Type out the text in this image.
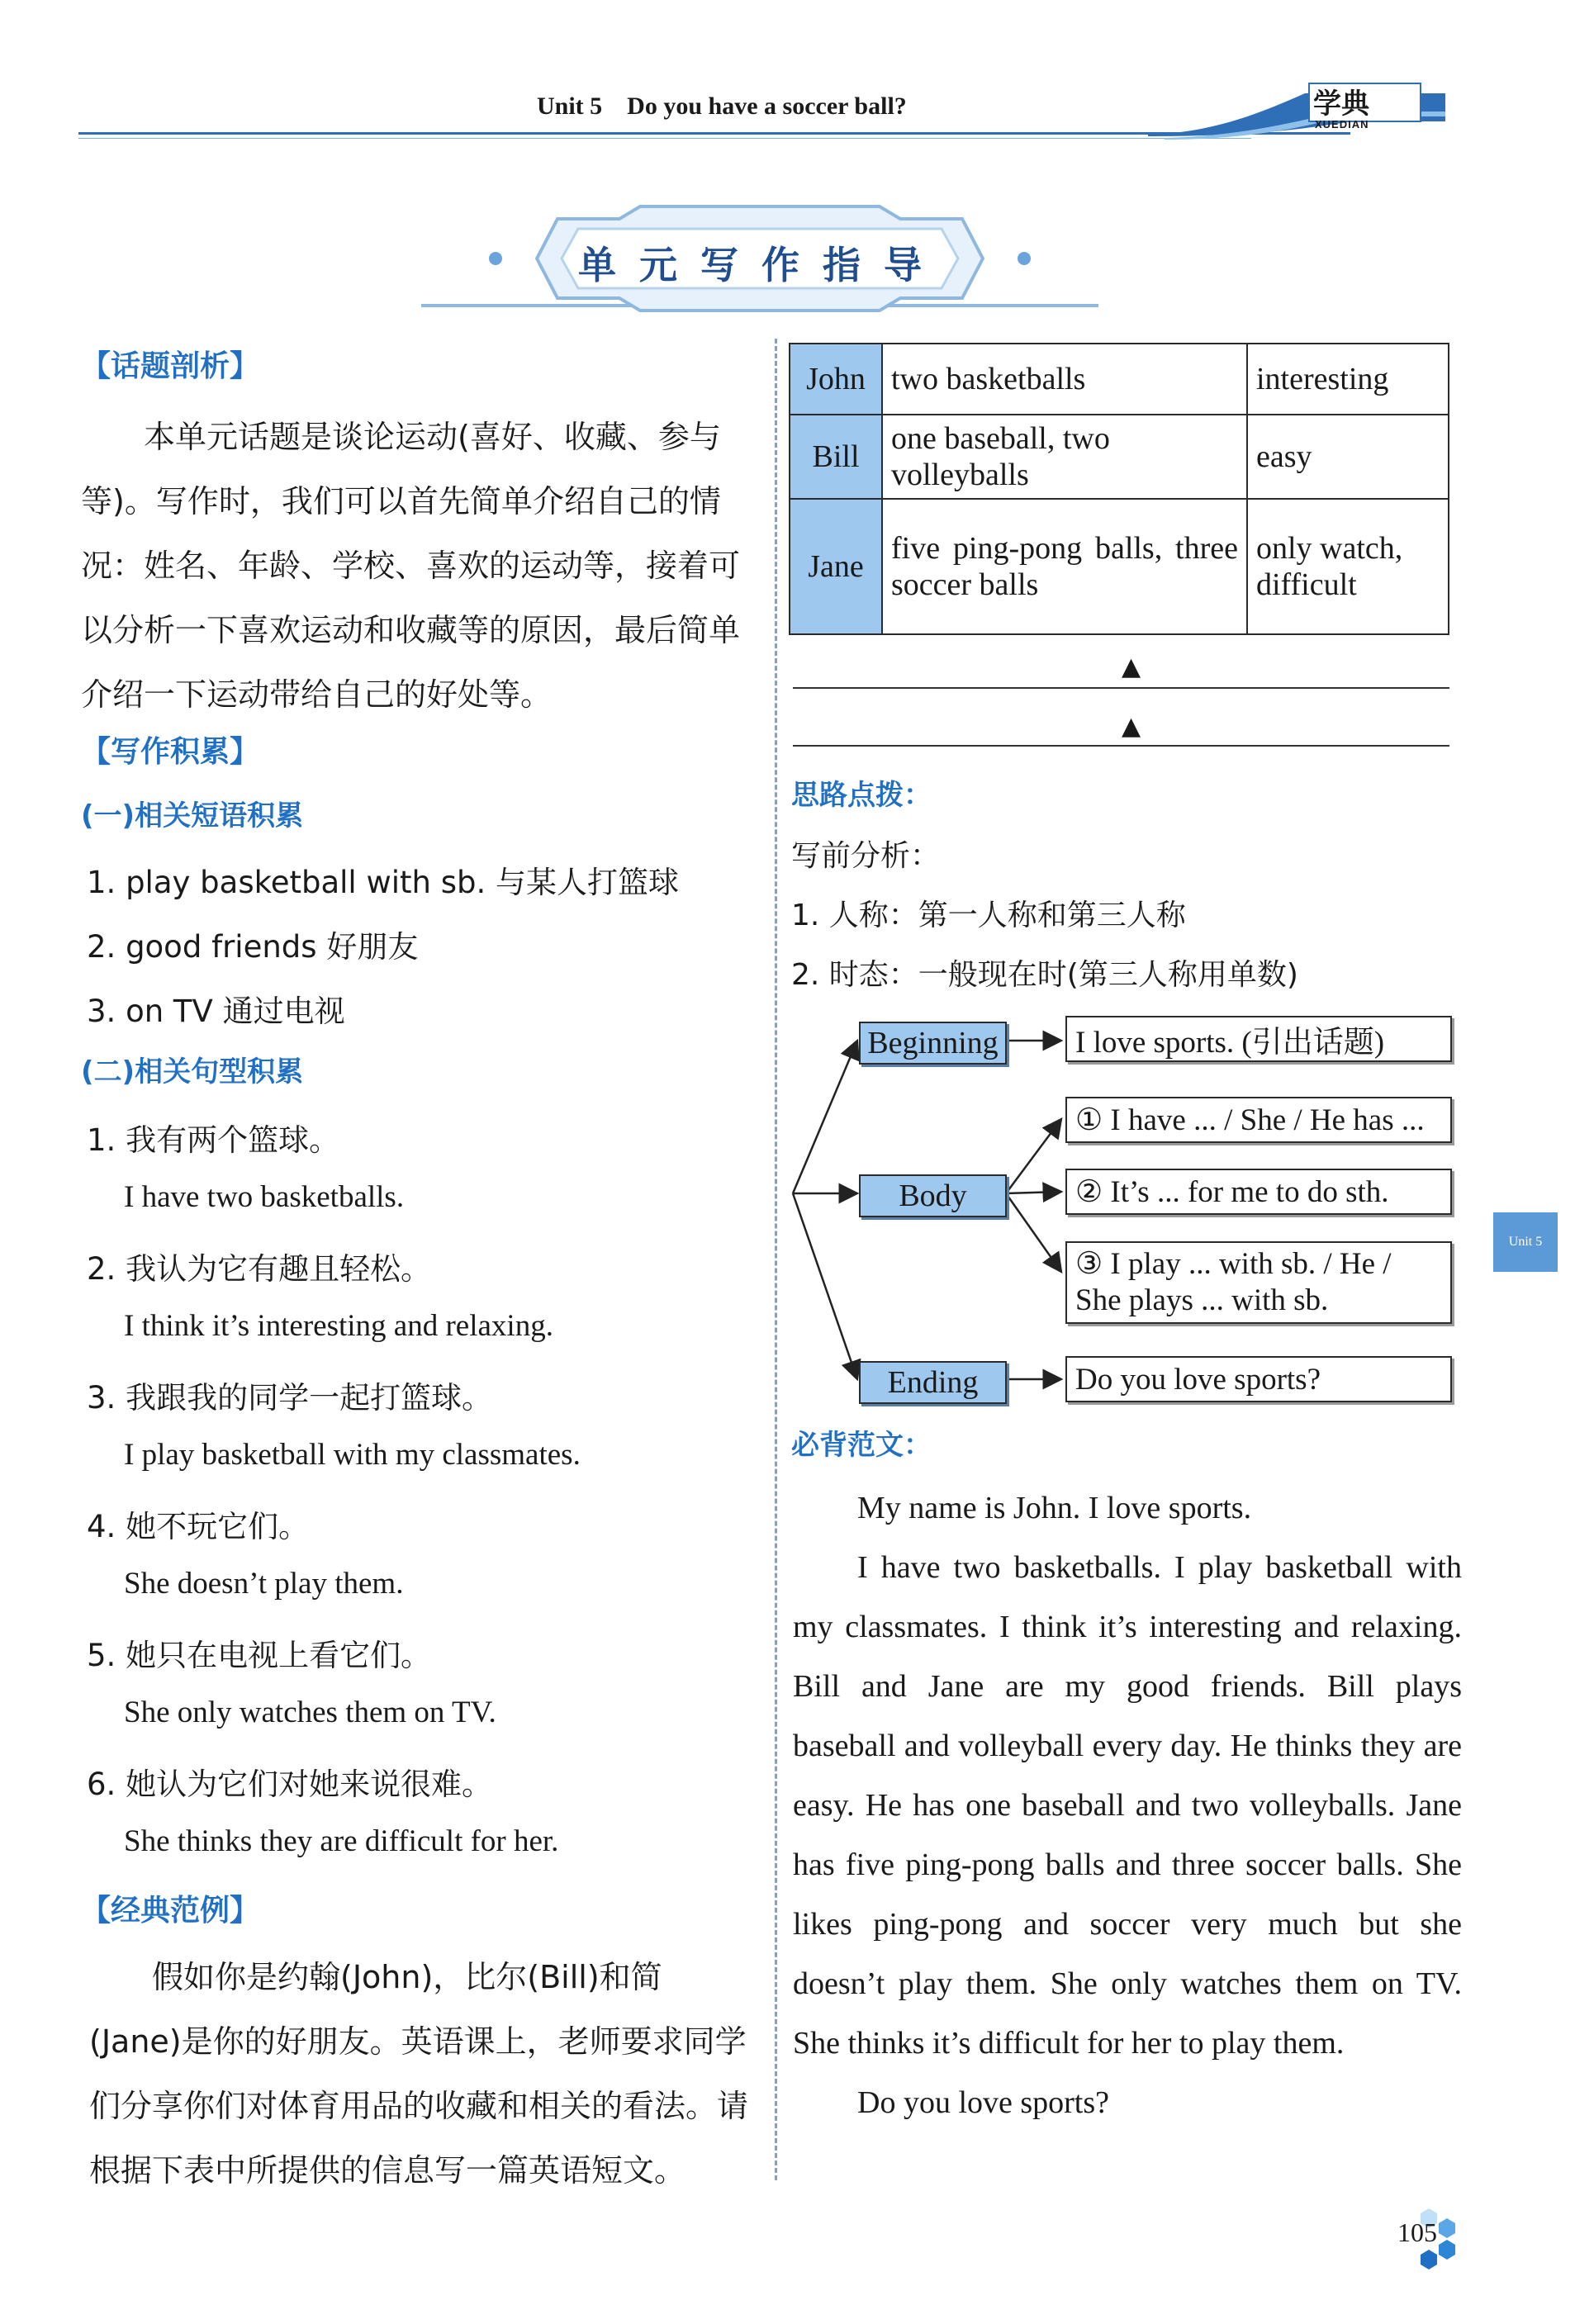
Unit 5    Do you have a soccer ball?	学典
XUEDIAN
单元写作指导
Unit 5
【话题剖析】
本单元话题是谈论运动(喜好、收藏、参与等)。写作时，我们可以首先简单介绍自己的情况：姓名、年龄、学校、喜欢的运动等，接着可以分析一下喜欢运动和收藏等的原因，最后简单介绍一下运动带给自己的好处等。
【写作积累】
(一)相关短语积累
1. play basketball with sb. 与某人打篮球
2. good friends 好朋友
3. on TV 通过电视
(二)相关句型积累
1. 我有两个篮球。
I have two basketballs.
2. 我认为它有趣且轻松。
I think it’s interesting and relaxing.
3. 我跟我的同学一起打篮球。
I play basketball with my classmates.
4. 她不玩它们。
She doesn’t play them.
5. 她只在电视上看它们。
She only watches them on TV.
6. 她认为它们对她来说很难。
She thinks they are difficult for her.
【经典范例】
假如你是约翰(John)，比尔(Bill)和简(Jane)是你的好朋友。英语课上，老师要求同学们分享你们对体育用品的收藏和相关的看法。请根据下表中所提供的信息写一篇英语短文。
John	two basketballs	interesting
Bill	one baseball, two volleyballs	easy
Jane	five ping-pong balls, three soccer balls	only watch, difficult
▲
▲
思路点拨：
写前分析：
1. 人称：第一人称和第三人称
2. 时态：一般现在时(第三人称用单数)
Beginning	I love sports. (引出话题)
Body
① I have ... / She / He has ...
② It’s ... for me to do sth.
③ I play ... with sb. / He / She plays ... with sb.
Ending	Do you love sports?
必背范文：

My name is John. I love sports.

I have two basketballs. I play basketball with my classmates. I think it’s interesting and relaxing. Bill and Jane are my good friends. Bill plays baseball and volleyball every day. He thinks they are easy. He has one baseball and two volleyballs. Jane has five ping-pong balls and three soccer balls. She likes ping-pong and soccer very much but she doesn’t play them. She only watches them on TV. She thinks it’s difficult for her to play them.

Do you love sports?

105
